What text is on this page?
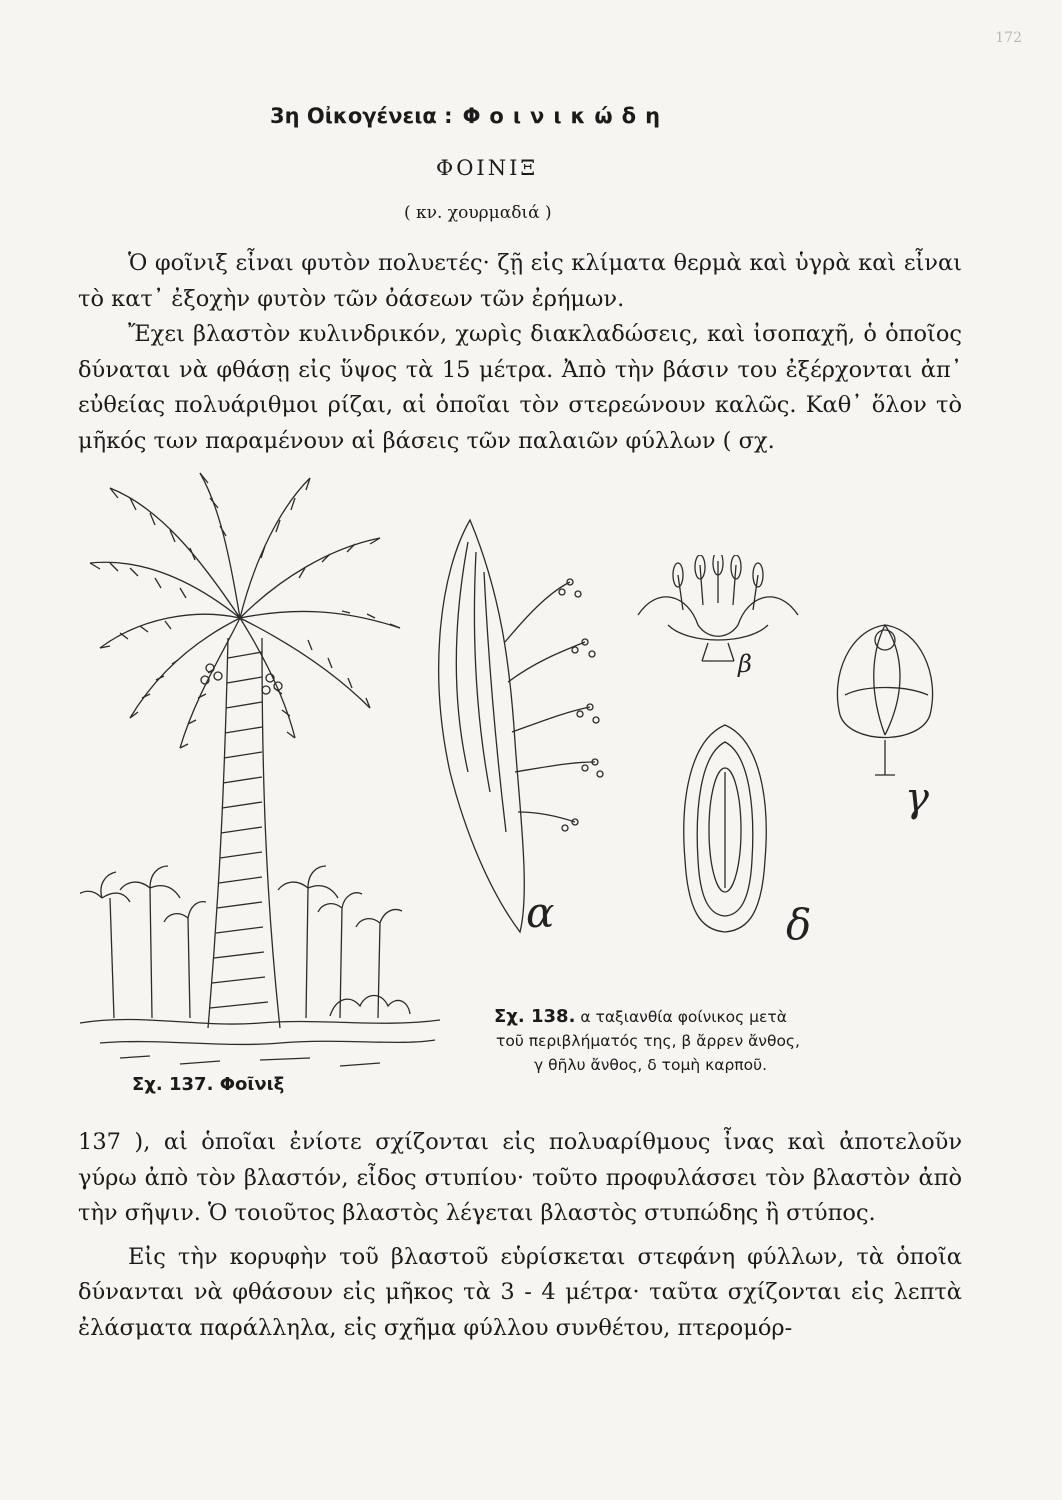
172
3η Οἰκογένεια : Φοινικώδη
ΦΟΙΝΙΞ
( κν. χουρμαδιά )

Ὁ φοῖνιξ εἶναι φυτὸν πολυετές· ζῇ εἰς κλίματα θερμὰ καὶ ὑγρὰ καὶ εἶναι τὸ κατ᾽ ἐξοχὴν φυτὸν τῶν ὀάσεων τῶν ἐρήμων.

Ἔχει βλαστὸν κυλινδρικόν, χωρὶς διακλαδώσεις, καὶ ἰσοπαχῆ, ὁ ὁποῖος δύναται νὰ φθάσῃ εἰς ὕψος τὰ 15 μέτρα. Ἀπὸ τὴν βάσιν του ἐξέρχονται ἀπ᾽ εὐθείας πολυάριθμοι ρίζαι, αἱ ὁποῖαι τὸν στερεώνουν καλῶς. Καθ᾽ ὅλον τὸ μῆκός των παραμένουν αἱ βάσεις τῶν παλαιῶν φύλλων ( σχ.

α
β
γ
δ
Σχ. 137. Φοῖνιξ
Σχ. 138. α ταξιανθία φοίνικος μετὰ
τοῦ περιβλήματός της, β ἄρρεν ἄνθος,
γ θῆλυ ἄνθος, δ τομὴ καρποῦ.

137 ), αἱ ὁποῖαι ἐνίοτε σχίζονται εἰς πολυαρίθμους ἶνας καὶ ἀποτελοῦν γύρω ἀπὸ τὸν βλαστόν, εἶδος στυπίου· τοῦτο προφυλάσσει τὸν βλαστὸν ἀπὸ τὴν σῆψιν. Ὁ τοιοῦτος βλαστὸς λέγεται βλαστὸς στυπώδης ἢ στύπος.

Εἰς τὴν κορυφὴν τοῦ βλαστοῦ εὑρίσκεται στεφάνη φύλλων, τὰ ὁποῖα δύνανται νὰ φθάσουν εἰς μῆκος τὰ 3 - 4 μέτρα· ταῦτα σχίζονται εἰς λεπτὰ ἐλάσματα παράλληλα, εἰς σχῆμα φύλλου συνθέτου, πτερομόρ-
